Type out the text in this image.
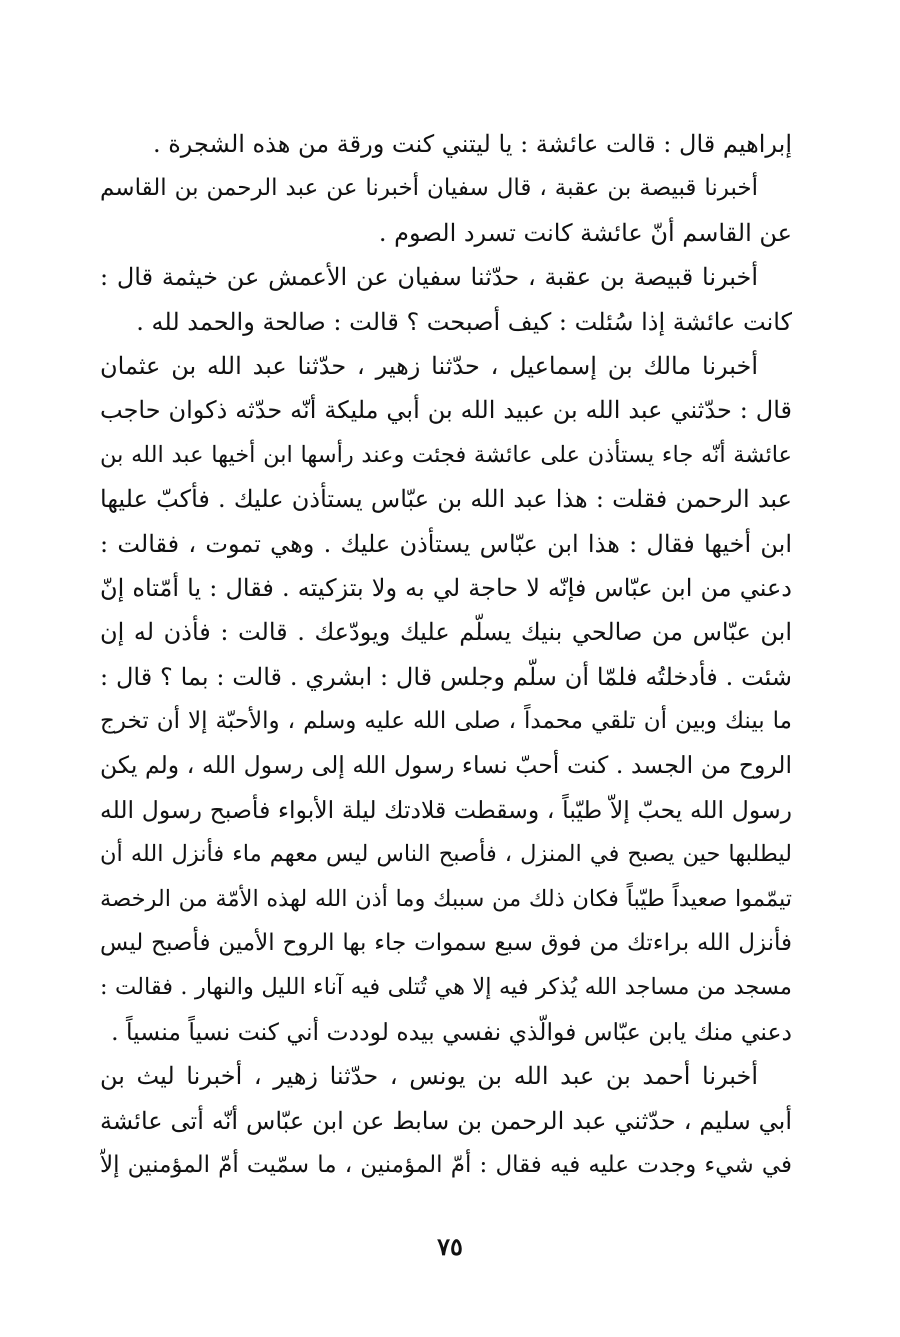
إبراهيم قال : قالت عائشة : يا ليتني كنت ورقة من هذه الشجرة .
أخبرنا قبيصة بن عقبة ، قال سفيان أخبرنا عن عبد الرحمن بن القاسم
عن القاسم أنّ عائشة كانت تسرد الصوم .
أخبرنا قبيصة بن عقبة ، حدّثنا سفيان عن الأعمش عن خيثمة قال :
كانت عائشة إذا سُئلت : كيف أصبحت ؟ قالت : صالحة والحمد لله .
أخبرنا مالك بن إسماعيل ، حدّثنا زهير ، حدّثنا عبد الله بن عثمان
قال : حدّثني عبد الله بن عبيد الله بن أبي مليكة أنّه حدّثه ذكوان حاجب
عائشة أنّه جاء يستأذن على عائشة فجئت وعند رأسها ابن أخيها عبد الله بن
عبد الرحمن فقلت : هذا عبد الله بن عبّاس يستأذن عليك . فأكبّ عليها
ابن أخيها فقال : هذا ابن عبّاس يستأذن عليك . وهي تموت ، فقالت :
دعني من ابن عبّاس فإنّه لا حاجة لي به ولا بتزكيته . فقال : يا أمّتاه إنّ
ابن عبّاس من صالحي بنيك يسلّم عليك ويودّعك . قالت : فأذن له إن
شئت . فأدخلتُه فلمّا أن سلّم وجلس قال : ابشري . قالت : بما ؟ قال :
ما بينك وبين أن تلقي محمداً ، صلى الله عليه وسلم ، والأحبّة إلا أن تخرج
الروح من الجسد . كنت أحبّ نساء رسول الله إلى رسول الله ، ولم يكن
رسول الله يحبّ إلاّ طيّباً ، وسقطت قلادتك ليلة الأبواء فأصبح رسول الله
ليطلبها حين يصبح في المنزل ، فأصبح الناس ليس معهم ماء فأنزل الله أن
تيمّموا صعيداً طيّباً فكان ذلك من سببك وما أذن الله لهذه الأمّة من الرخصة
فأنزل الله براءتك من فوق سبع سموات جاء بها الروح الأمين فأصبح ليس
مسجد من مساجد الله يُذكر فيه إلا هي تُتلى فيه آناء الليل والنهار . فقالت :
دعني منك يابن عبّاس فوالّذي نفسي بيده لوددت أني كنت نسياً منسياً .
أخبرنا أحمد بن عبد الله بن يونس ، حدّثنا زهير ، أخبرنا ليث بن
أبي سليم ، حدّثني عبد الرحمن بن سابط عن ابن عبّاس أنّه أتى عائشة
في شيء وجدت عليه فيه فقال : أمّ المؤمنين ، ما سمّيت أمّ المؤمنين إلاّ
٧٥
